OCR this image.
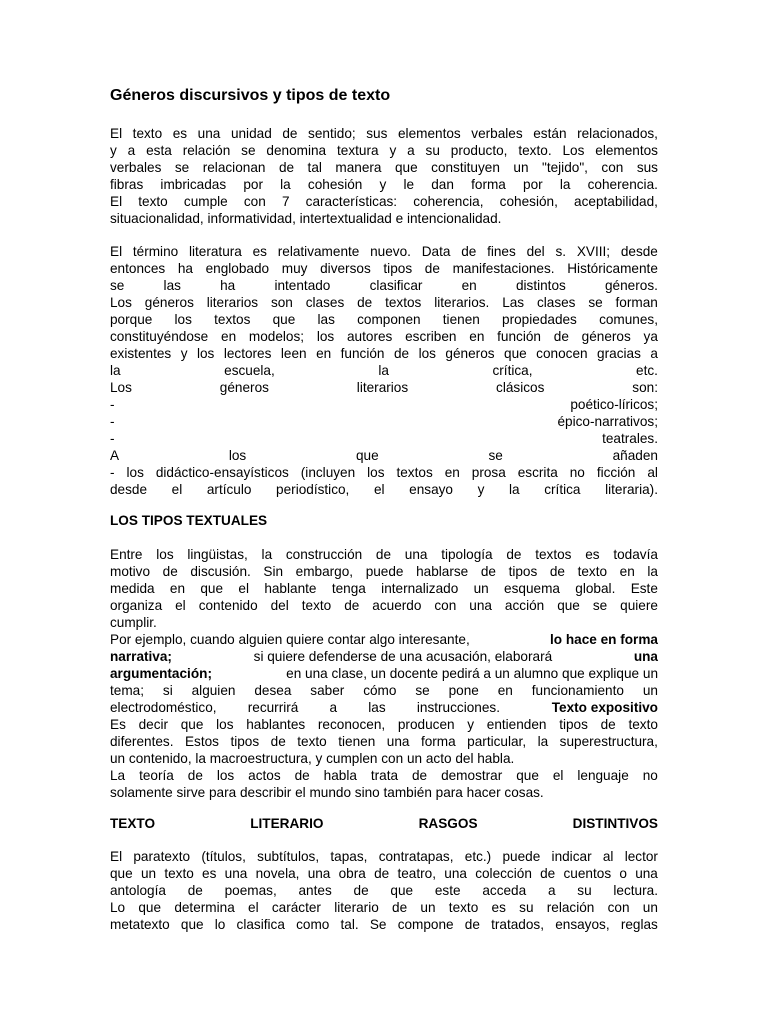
Géneros discursivos y tipos de texto
El texto es una unidad de sentido; sus elementos verbales están relacionados,
y a esta relación se denomina textura y a su producto, texto. Los elementos
verbales se relacionan de tal manera que constituyen un "tejido", con sus
fibras imbricadas por la cohesión y le dan forma por la coherencia.
El texto cumple con 7 características: coherencia, cohesión, aceptabilidad,
situacionalidad, informatividad, intertextualidad e intencionalidad.
El término literatura es relativamente nuevo. Data de fines del s. XVIII; desde
entonces ha englobado muy diversos tipos de manifestaciones. Históricamente
se	las	ha	intentado	clasificar	en	distintos	géneros.
Los géneros literarios son clases de textos literarios. Las clases se forman
porque los textos que las componen tienen propiedades comunes,
constituyéndose en modelos; los autores escriben en función de géneros ya
existentes y los lectores leen en función de los géneros que conocen gracias a
la	escuela,	la	crítica,	etc.
Los	géneros	literarios	clásicos	son:
-	poético-líricos;
-	épico-narrativos;
-	teatrales.
A	los	que	se	añaden
- los didáctico-ensayísticos (incluyen los textos en prosa escrita no ficción al
desde el artículo periodístico, el ensayo y la crítica literaria).
LOS TIPOS TEXTUALES
Entre los lingüistas, la construcción de una tipología de textos es todavía
motivo de discusión. Sin embargo, puede hablarse de tipos de texto en la
medida en que el hablante tenga internalizado un esquema global. Este
organiza el contenido del texto de acuerdo con una acción que se quiere
cumplir.
Por ejemplo, cuando alguien quiere contar algo interesante,	lo hace en forma
narrativa;	si quiere defenderse de una acusación, elaborará	una
argumentación;	en una clase, un docente pedirá a un alumno que explique un
tema; si alguien desea saber cómo se pone en funcionamiento un
electrodoméstico, recurrirá a las instrucciones.	Texto expositivo
Es decir que los hablantes reconocen, producen y entienden tipos de texto
diferentes. Estos tipos de texto tienen una forma particular, la superestructura,
un contenido, la macroestructura, y cumplen con un acto del habla.
La teoría de los actos de habla trata de demostrar que el lenguaje no
solamente sirve para describir el mundo sino también para hacer cosas.
TEXTO	LITERARIO	RASGOS	DISTINTIVOS
El paratexto (títulos, subtítulos, tapas, contratapas, etc.) puede indicar al lector
que un texto es una novela, una obra de teatro, una colección de cuentos o una
antología de poemas, antes de que este acceda a su lectura.
Lo que determina el carácter literario de un texto es su relación con un
metatexto que lo clasifica como tal. Se compone de tratados, ensayos, reglas
